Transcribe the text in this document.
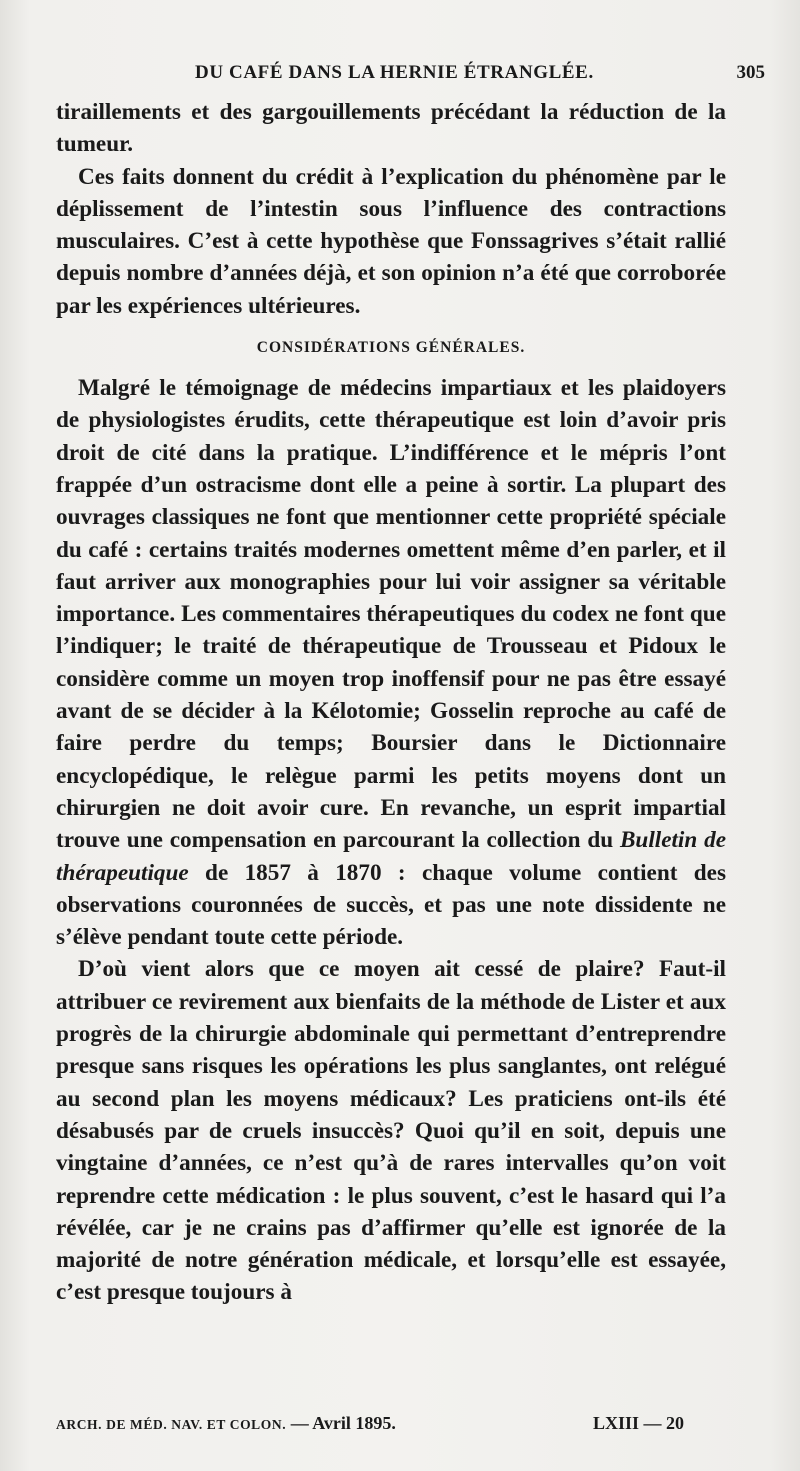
DU CAFÉ DANS LA HERNIE ÉTRANGLÉE.	305

tiraillements et des gargouillements précédant la réduction de la tumeur.

Ces faits donnent du crédit à l’explication du phénomène par le déplissement de l’intestin sous l’influence des contractions musculaires. C’est à cette hypothèse que Fonssagrives s’était rallié depuis nombre d’années déjà, et son opinion n’a été que corroborée par les expériences ultérieures.

CONSIDÉRATIONS GÉNÉRALES.

Malgré le témoignage de médecins impartiaux et les plaidoyers de physiologistes érudits, cette thérapeutique est loin d’avoir pris droit de cité dans la pratique. L’indifférence et le mépris l’ont frappée d’un ostracisme dont elle a peine à sortir. La plupart des ouvrages classiques ne font que mentionner cette propriété spéciale du café : certains traités modernes omettent même d’en parler, et il faut arriver aux monographies pour lui voir assigner sa véritable importance. Les commentaires thérapeutiques du codex ne font que l’indiquer; le traité de thérapeutique de Trousseau et Pidoux le considère comme un moyen trop inoffensif pour ne pas être essayé avant de se décider à la Kélotomie; Gosselin reproche au café de faire perdre du temps; Boursier dans le Dictionnaire encyclopédique, le relègue parmi les petits moyens dont un chirurgien ne doit avoir cure. En revanche, un esprit impartial trouve une compensation en parcourant la collection du Bulletin de thérapeutique de 1857 à 1870 : chaque volume contient des observations couronnées de succès, et pas une note dissidente ne s’élève pendant toute cette période.

D’où vient alors que ce moyen ait cessé de plaire? Faut-il attribuer ce revirement aux bienfaits de la méthode de Lister et aux progrès de la chirurgie abdominale qui permettant d’entreprendre presque sans risques les opérations les plus sanglantes, ont relégué au second plan les moyens médicaux? Les praticiens ont-ils été désabusés par de cruels insuccès? Quoi qu’il en soit, depuis une vingtaine d’années, ce n’est qu’à de rares intervalles qu’on voit reprendre cette médication : le plus souvent, c’est le hasard qui l’a révélée, car je ne crains pas d’affirmer qu’elle est ignorée de la majorité de notre génération médicale, et lorsqu’elle est essayée, c’est presque toujours à

ARCH. DE MÉD. NAV. ET COLON. — Avril 1895.	LXIII — 20
